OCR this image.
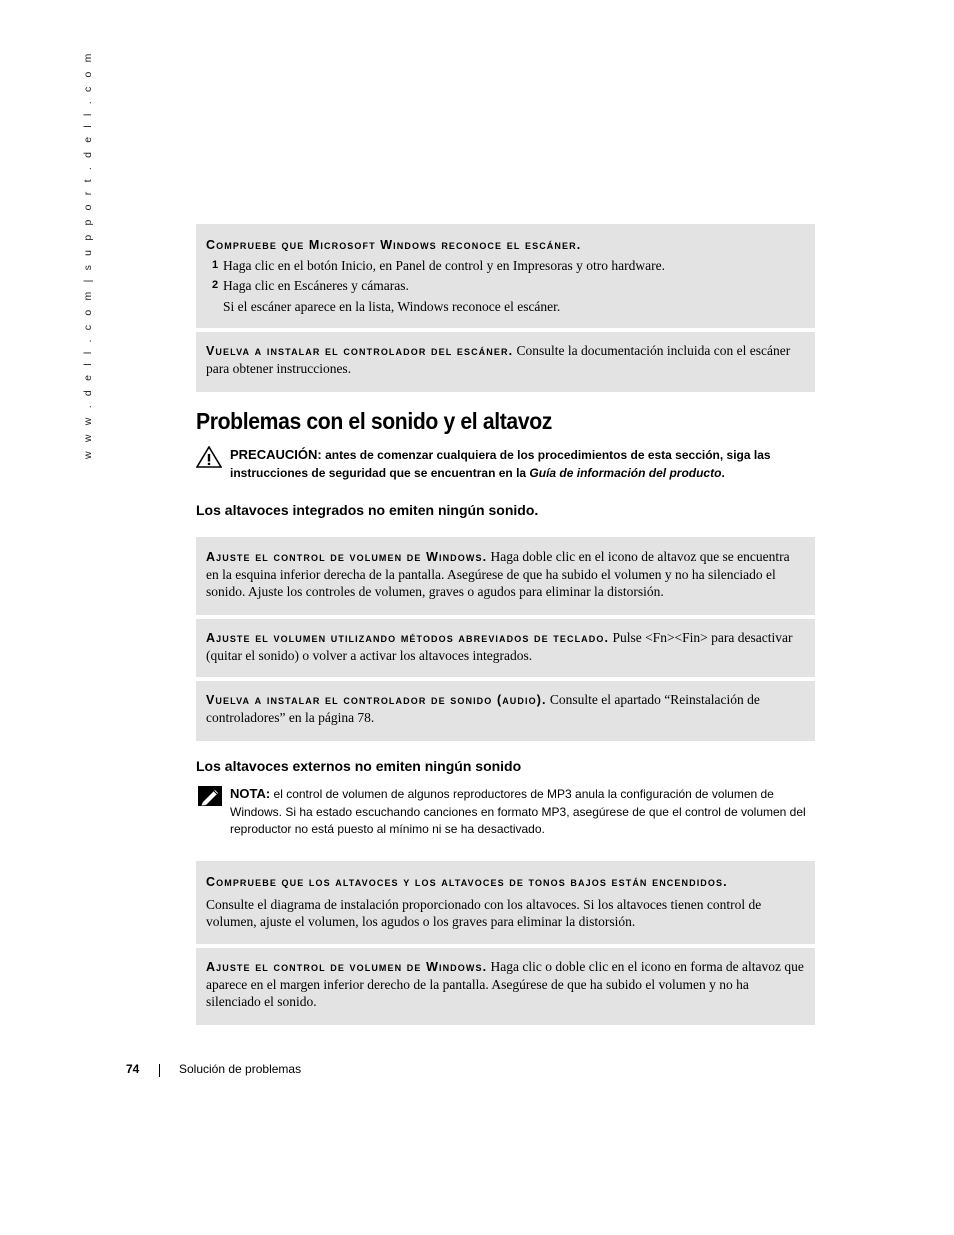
w w w . d e l l . c o m | s u p p o r t . d e l l . c o m	Compruebe que Microsoft Windows reconoce el escáner.
1 Haga clic en el botón Inicio, en Panel de control y en Impresoras y otro hardware.
2 Haga clic en Escáneres y cámaras.
Si el escáner aparece en la lista, Windows reconoce el escáner.
Vuelva a instalar el controlador del escáner. Consulte la documentación incluida con el escáner para obtener instrucciones.
Problemas con el sonido y el altavoz
PRECAUCIÓN: antes de comenzar cualquiera de los procedimientos de esta sección, siga las instrucciones de seguridad que se encuentran en la Guía de información del producto.
Los altavoces integrados no emiten ningún sonido.
Ajuste el control de volumen de Windows. Haga doble clic en el icono de altavoz que se encuentra en la esquina inferior derecha de la pantalla. Asegúrese de que ha subido el volumen y no ha silenciado el sonido. Ajuste los controles de volumen, graves o agudos para eliminar la distorsión.
Ajuste el volumen utilizando métodos abreviados de teclado. Pulse <Fn><Fin> para desactivar (quitar el sonido) o volver a activar los altavoces integrados.
Vuelva a instalar el controlador de sonido (audio). Consulte el apartado “Reinstalación de controladores” en la página 78.
Los altavoces externos no emiten ningún sonido
NOTA: el control de volumen de algunos reproductores de MP3 anula la configuración de volumen de Windows. Si ha estado escuchando canciones en formato MP3, asegúrese de que el control de volumen del reproductor no está puesto al mínimo ni se ha desactivado.
Compruebe que los altavoces y los altavoces de tonos bajos están encendidos.
Consulte el diagrama de instalación proporcionado con los altavoces. Si los altavoces tienen control de volumen, ajuste el volumen, los agudos o los graves para eliminar la distorsión.
Ajuste el control de volumen de Windows. Haga clic o doble clic en el icono en forma de altavoz que aparece en el margen inferior derecho de la pantalla. Asegúrese de que ha subido el volumen y no ha silenciado el sonido.
74	Solución de problemas
